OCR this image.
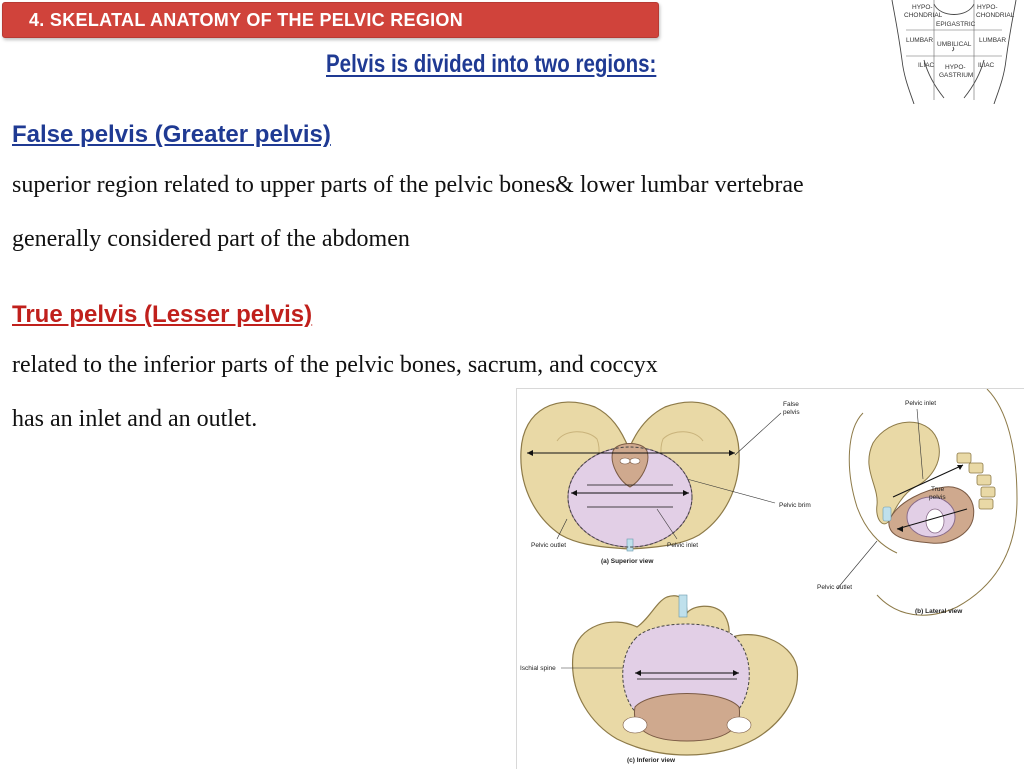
4. SKELATAL ANATOMY OF THE PELVIC REGION
Pelvis is divided into two regions:
HYPO-
CHONDRIAL
HYPO-
CHONDRIAL
EPIGASTRIC
LUMBAR	LUMBAR
UMBILICAL
ILIAC	ILIAC
HYPO-
GASTRIUM
False pelvis (Greater pelvis)
superior region related to upper parts of the pelvic bones& lower lumbar vertebrae
generally considered part of the abdomen
True pelvis (Lesser pelvis)
related to the inferior parts of the pelvic bones, sacrum, and coccyx
has an inlet and an outlet.
False
pelvis
Pelvic brim
Pelvic outlet	Pelvic inlet
(a) Superior view
Pelvic inlet
True
pelvis
Pelvic outlet
(b) Lateral view
Ischial spine
(c) Inferior view
